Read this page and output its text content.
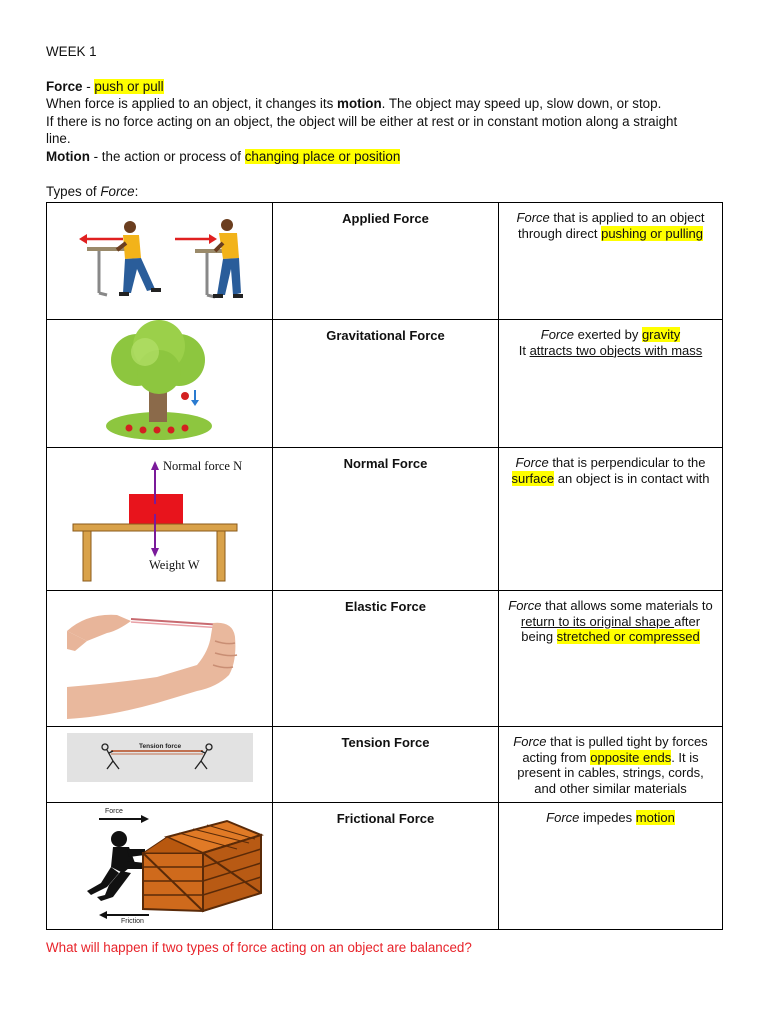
WEEK 1
Force - push or pull
When force is applied to an object, it changes its motion. The object may speed up, slow down, or stop.
If there is no force acting on an object, the object will be either at rest or in constant motion along a straight
line.
Motion - the action or process of changing place or position
Types of Force:
	Applied Force	Force that is applied to an object through direct pushing or pulling

	Gravitational Force	Force exerted by gravity
It attracts two objects with mass

Normal force N
Weight W	Normal Force	Force that is perpendicular to the surface an object is in contact with

	Elastic Force	Force that allows some materials to return to its original shape after being stretched or compressed

Tension force	Tension Force	Force that is pulled tight by forces acting from opposite ends. It is present in cables, strings, cords, and other similar materials

Force
Friction	Frictional Force	Force impedes motion
What will happen if two types of force acting on an object are balanced?
